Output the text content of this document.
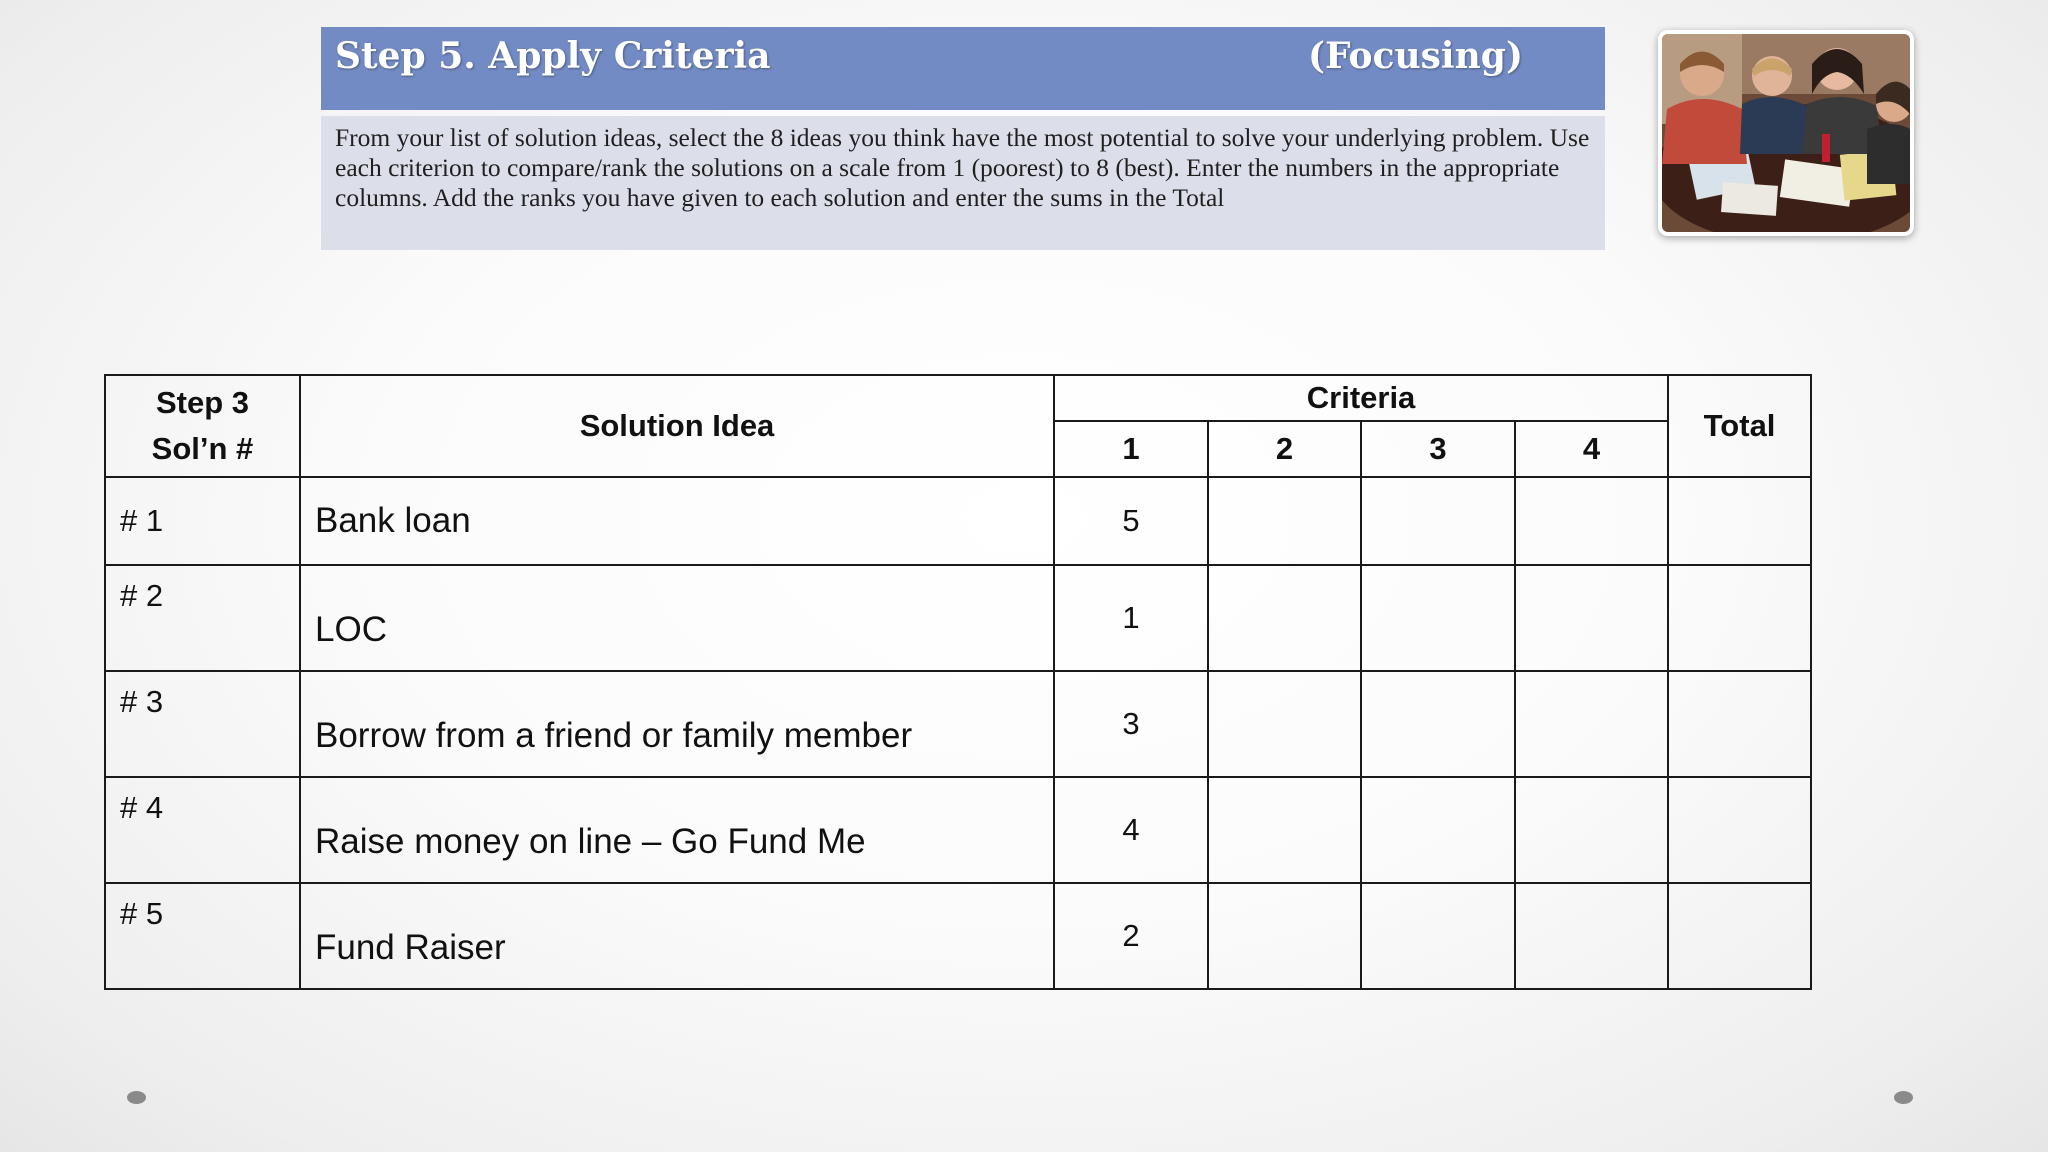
Step 5. Apply Criteria	(Focusing)

From your list of solution ideas, select the 8 ideas you think have the most potential to solve your underlying problem. Use each criterion to compare/rank the solutions on a scale from 1 (poorest) to 8 (best). Enter the numbers in the appropriate columns. Add the ranks you have given to each solution and enter the sums in the Total

Step 3
Sol’n #	Solution Idea	Criteria				Total
		1	2	3	4	
# 1	Bank loan	5				
# 2	LOC	1				
# 3	Borrow from a friend or family member	3				
# 4	Raise money on line – Go Fund Me	4				
# 5	Fund Raiser	2				
